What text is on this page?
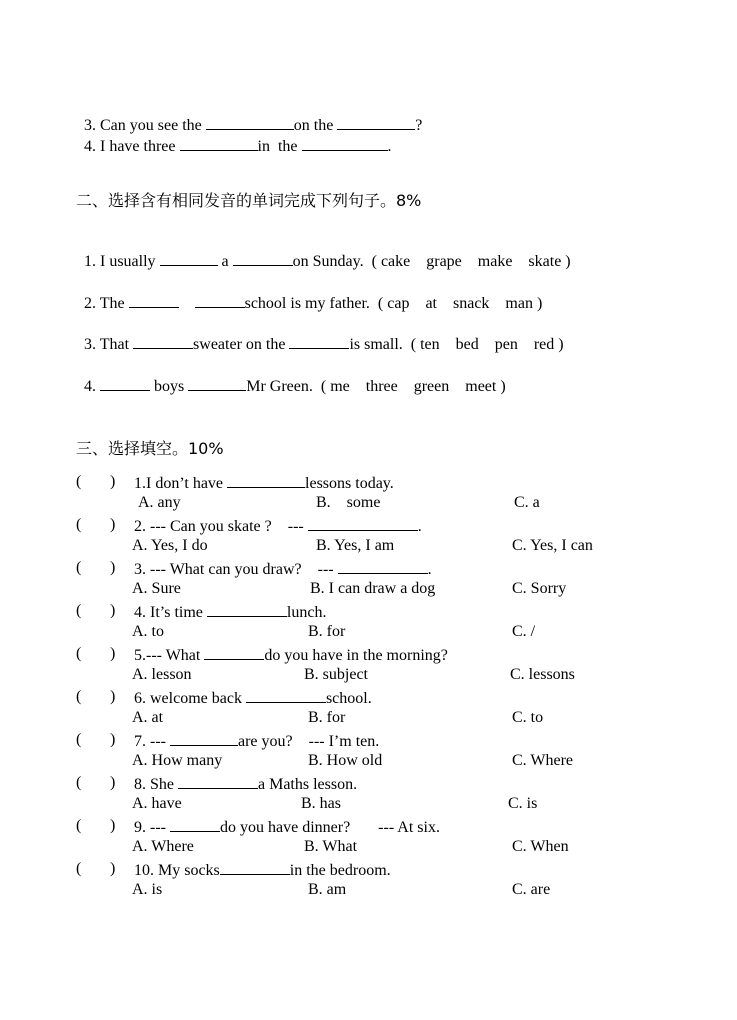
3. Can you see the	on the	?

4. I have three	in  the	.

二、选择含有相同发音的单词完成下列句子。8%

1. I usually	a	on Sunday.  ( cake    grape    make    skate )

2. The	school is my father.  ( cap    at    snack    man )

3. That	sweater on the	is small.  ( ten    bed    pen    red )

4.	boys	Mr Green.  ( me    three    green    meet )

三、选择填空。10%
( ) 1.I don’t have	lessons today.
A. any	B.    some	C. a
( ) 2. --- Can you skate ?    ---	.
A. Yes, I do	B. Yes, I am	C. Yes, I can
( ) 3. --- What can you draw?    ---	.
A. Sure	B. I can draw a dog	C. Sorry
( ) 4. It’s time	lunch.
A. to	B. for	C. /
( ) 5.--- What	do you have in the morning?
A. lesson	B. subject	C. lessons
( ) 6. welcome back	school.
A. at	B. for	C. to
( ) 7. ---	are you?    --- I’m ten.
A. How many	B. How old	C. Where
( ) 8. She	a Maths lesson.
A. have	B. has	C. is
( ) 9. ---	do you have dinner?       --- At six.
A. Where	B. What	C. When
( ) 10. My socks	in the bedroom.
A. is	B. am	C. are
